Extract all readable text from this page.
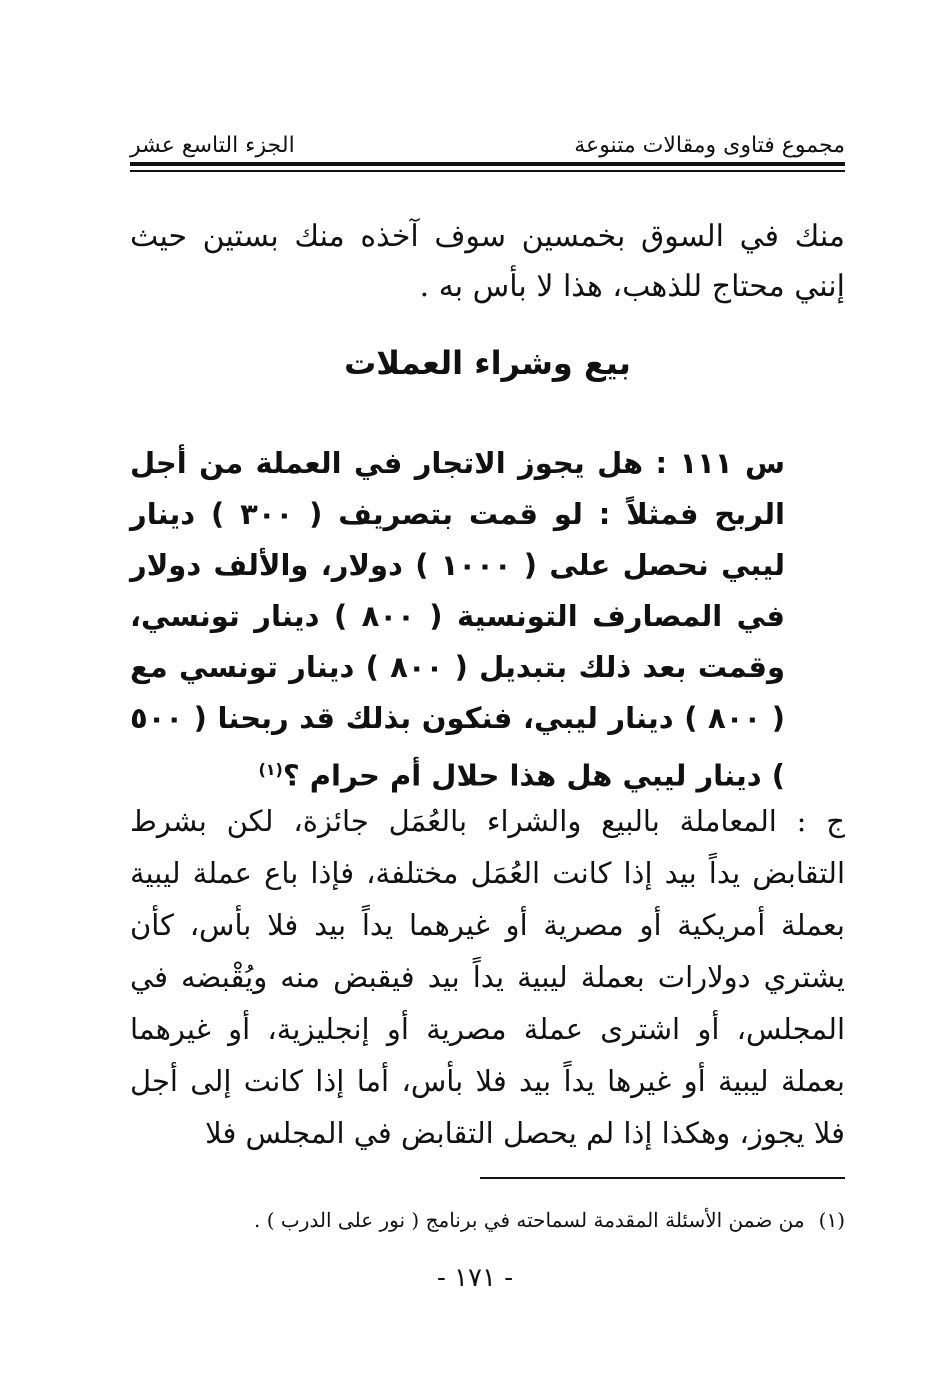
مجموع فتاوى ومقالات متنوعة
الجزء التاسع عشر

منك في السوق بخمسين سوف آخذه منك بستين حيث إنني محتاج للذهب، هذا لا بأس به .

بيع وشراء العملات

س ١١١ : هل يجوز الاتجار في العملة من أجل الربح فمثلاً : لو قمت بتصريف ( ٣٠٠ ) دينار ليبي نحصل على ( ١٠٠٠ ) دولار، والألف دولار في المصارف التونسية ( ٨٠٠ ) دينار تونسي، وقمت بعد ذلك بتبديل ( ٨٠٠ ) دينار تونسي مع ( ٨٠٠ ) دينار ليبي، فنكون بذلك قد ربحنا ( ٥٠٠ ) دينار ليبي هل هذا حلال أم حرام ؟$^{(١)}$

ج : المعاملة بالبيع والشراء بالعُمَل جائزة، لكن بشرط التقابض يداً بيد إذا كانت العُمَل مختلفة، فإذا باع عملة ليبية بعملة أمريكية أو مصرية أو غيرهما يداً بيد فلا بأس، كأن يشتري دولارات بعملة ليبية يداً بيد فيقبض منه ويُقْبضه في المجلس، أو اشترى عملة مصرية أو إنجليزية، أو غيرهما بعملة ليبية أو غيرها يداً بيد فلا بأس، أما إذا كانت إلى أجل فلا يجوز، وهكذا إذا لم يحصل التقابض في المجلس فلا

(١)من ضمن الأسئلة المقدمة لسماحته في برنامج ( نور على الدرب ) .
- ١٧١ -
